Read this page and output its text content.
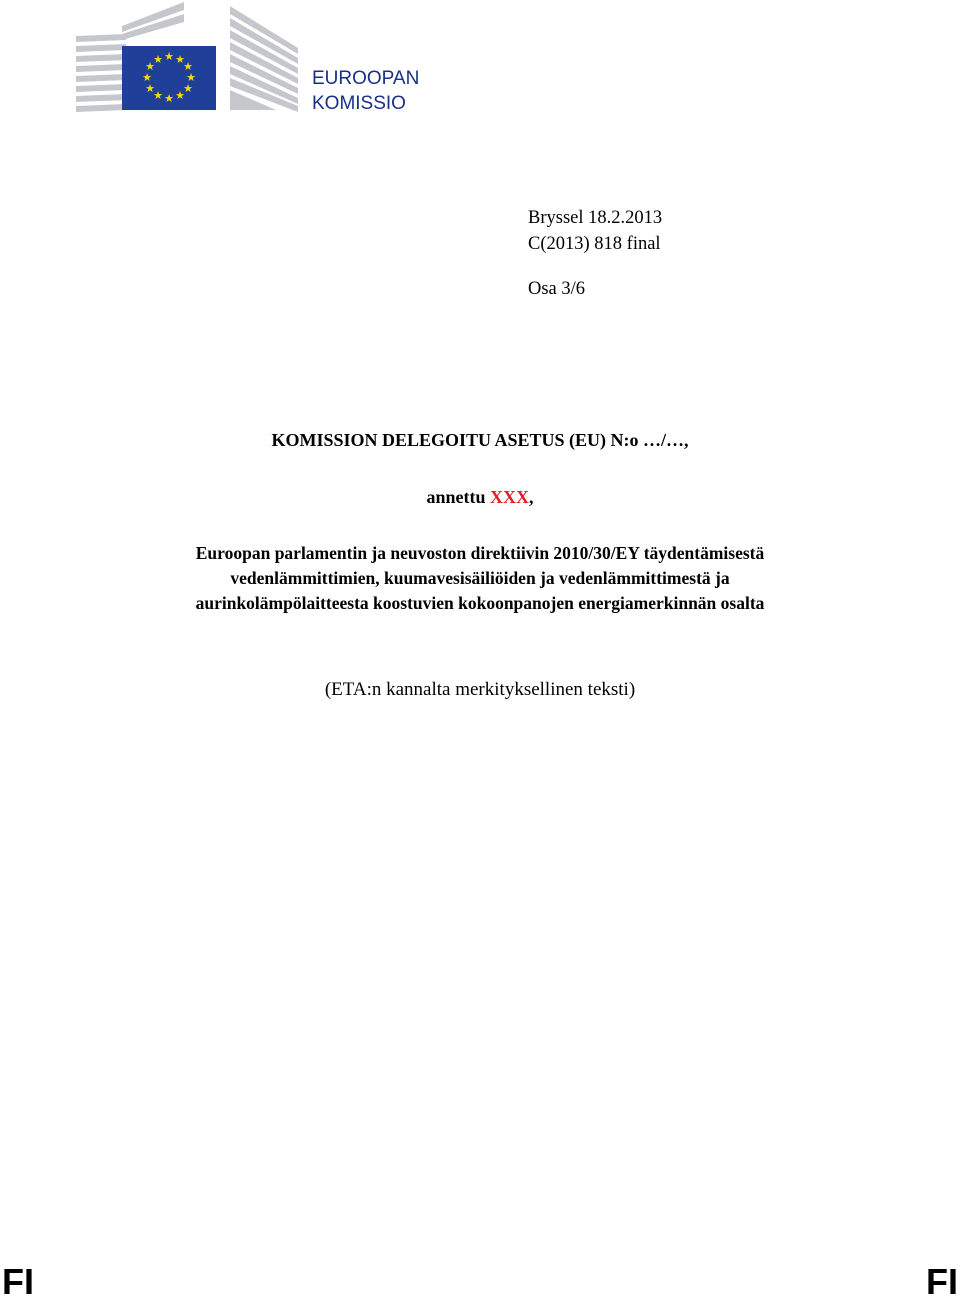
★ ★
★
★
★
★
★
★
★
★
★
★
EUROOPAN
KOMISSIO
Bryssel 18.2.2013
C(2013) 818 final
Osa 3/6
KOMISSION DELEGOITU ASETUS (EU) N:o …/…,
annettu XXX,
Euroopan parlamentin ja neuvoston direktiivin 2010/30/EY täydentämisestä
vedenlämmittimien, kuumavesisäiliöiden ja vedenlämmittimestä ja
aurinkolämpölaitteesta koostuvien kokoonpanojen energiamerkinnän osalta
(ETA:n kannalta merkityksellinen teksti)
FI	FI
